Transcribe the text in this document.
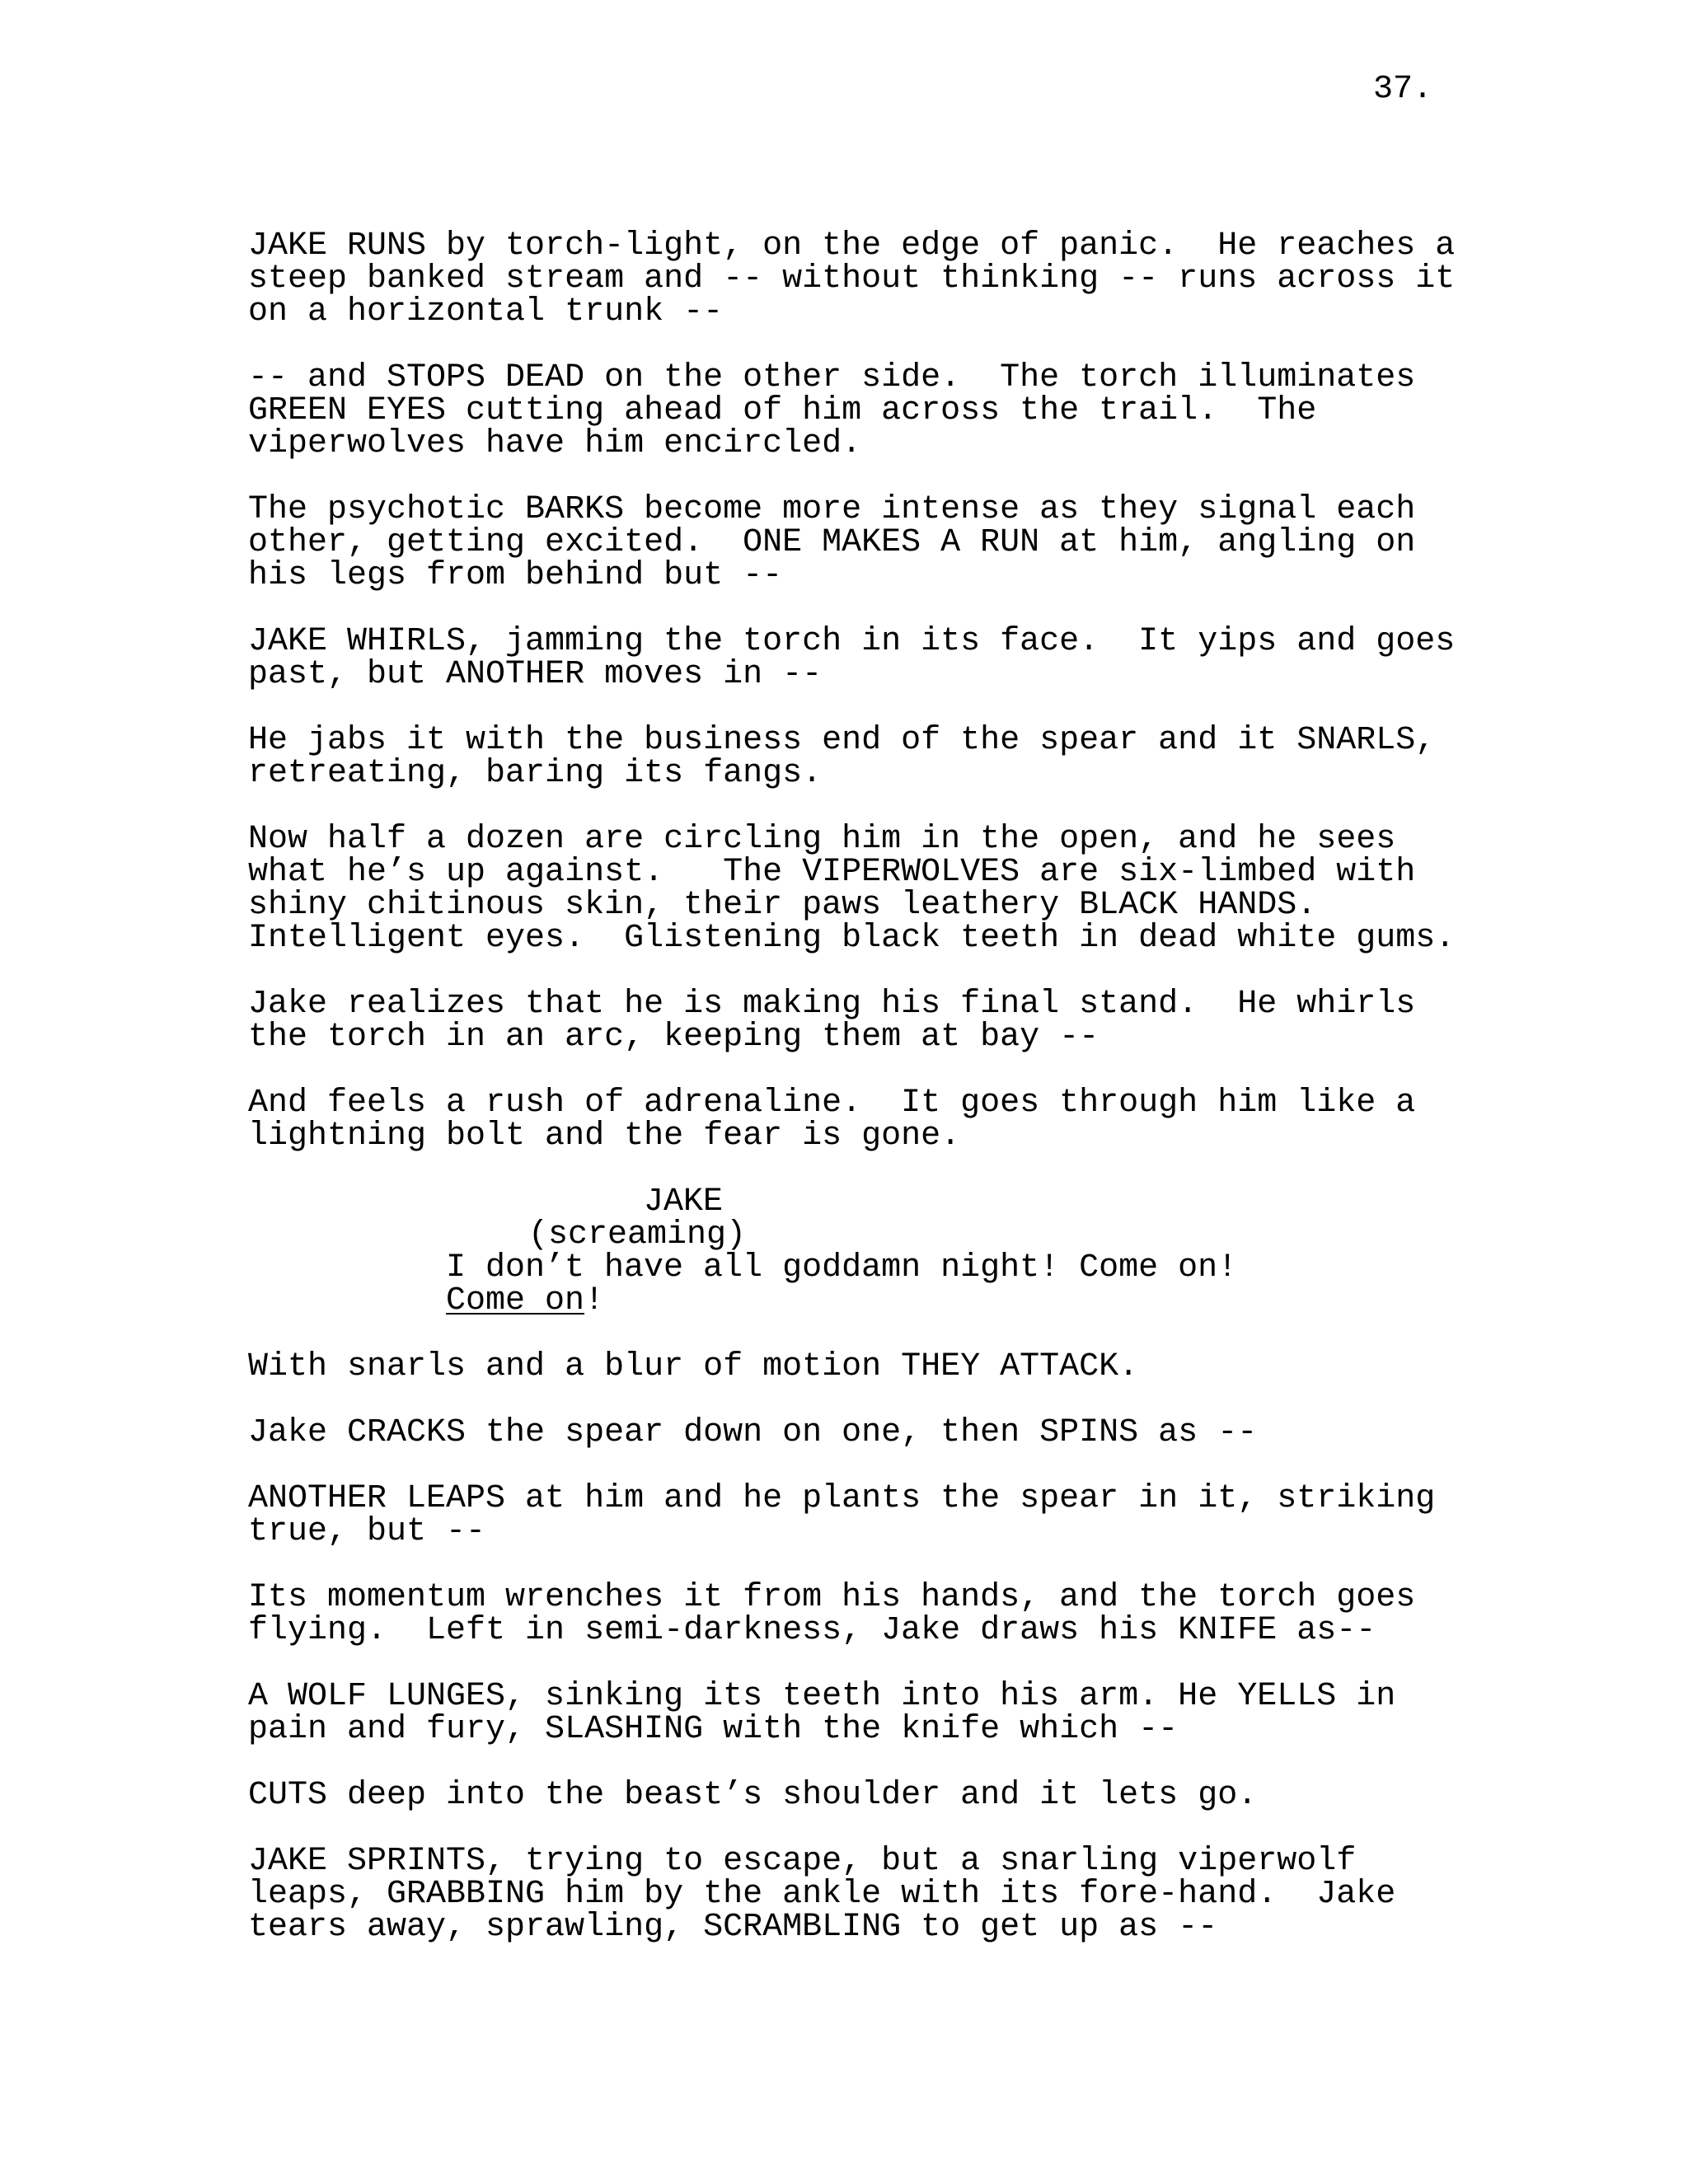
37.
JAKE RUNS by torch-light, on the edge of panic.  He reaches a
steep banked stream and -- without thinking -- runs across it
on a horizontal trunk --
-- and STOPS DEAD on the other side.  The torch illuminates
GREEN EYES cutting ahead of him across the trail.  The
viperwolves have him encircled.
The psychotic BARKS become more intense as they signal each
other, getting excited.  ONE MAKES A RUN at him, angling on
his legs from behind but --
JAKE WHIRLS, jamming the torch in its face.  It yips and goes
past, but ANOTHER moves in --
He jabs it with the business end of the spear and it SNARLS,
retreating, baring its fangs.
Now half a dozen are circling him in the open, and he sees
what he’s up against.   The VIPERWOLVES are six-limbed with
shiny chitinous skin, their paws leathery BLACK HANDS.
Intelligent eyes.  Glistening black teeth in dead white gums.
Jake realizes that he is making his final stand.  He whirls
the torch in an arc, keeping them at bay --
And feels a rush of adrenaline.  It goes through him like a
lightning bolt and the fear is gone.
JAKE
(screaming)
I don’t have all goddamn night! Come on!
Come on!
With snarls and a blur of motion THEY ATTACK.
Jake CRACKS the spear down on one, then SPINS as --
ANOTHER LEAPS at him and he plants the spear in it, striking
true, but --
Its momentum wrenches it from his hands, and the torch goes
flying.  Left in semi-darkness, Jake draws his KNIFE as--
A WOLF LUNGES, sinking its teeth into his arm. He YELLS in
pain and fury, SLASHING with the knife which --
CUTS deep into the beast’s shoulder and it lets go.
JAKE SPRINTS, trying to escape, but a snarling viperwolf
leaps, GRABBING him by the ankle with its fore-hand.  Jake
tears away, sprawling, SCRAMBLING to get up as --
